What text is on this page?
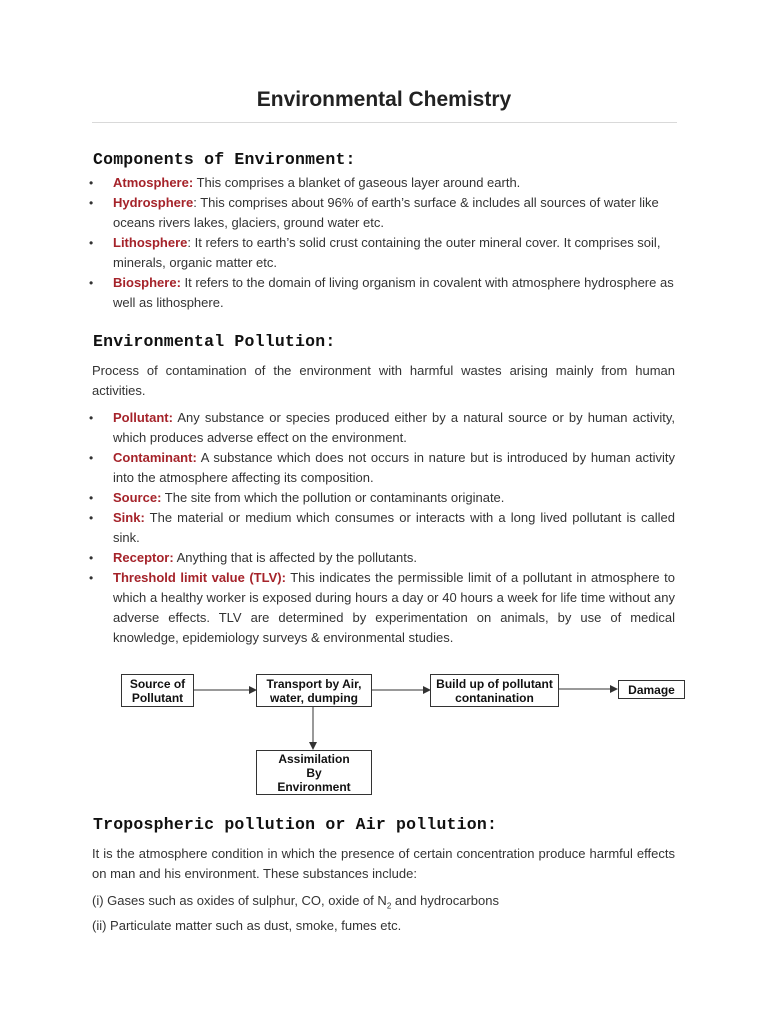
Environmental Chemistry
Components of Environment:
• Atmosphere: This comprises a blanket of gaseous layer around earth.
• Hydrosphere: This comprises about 96% of earth’s surface & includes all sources of water like oceans rivers lakes, glaciers, ground water etc.
• Lithosphere: It refers to earth’s solid crust containing the outer mineral cover. It comprises soil, minerals, organic matter etc.
• Biosphere: It refers to the domain of living organism in covalent with atmosphere hydrosphere as well as lithosphere.
Environmental Pollution:

Process of contamination of the environment with harmful wastes arising mainly from human activities.

• Pollutant: Any substance or species produced either by a natural source or by human activity, which produces adverse effect on the environment.
• Contaminant: A substance which does not occurs in nature but is introduced by human activity into the atmosphere affecting its composition.
• Source: The site from which the pollution or contaminants originate.
• Sink: The material or medium which consumes or interacts with a long lived pollutant is called sink.
• Receptor: Anything that is affected by the pollutants.
• Threshold limit value (TLV): This indicates the permissible limit of a pollutant in atmosphere to which a healthy worker is exposed during hours a day or 40 hours a week for life time without any adverse effects. TLV are determined by experimentation on animals, by use of medical knowledge, epidemiology surveys & environmental studies.
Source of Pollutant
Transport by Air, water, dumping
Build up of pollutant contanination
Damage
Assimilation By Environment
Tropospheric pollution or Air pollution:

It is the atmosphere condition in which the presence of certain concentration produce harmful effects on man and his environment. These substances include:

(i) Gases such as oxides of sulphur, CO, oxide of $N_2$ and hydrocarbons
(ii) Particulate matter such as dust, smoke, fumes etc.
